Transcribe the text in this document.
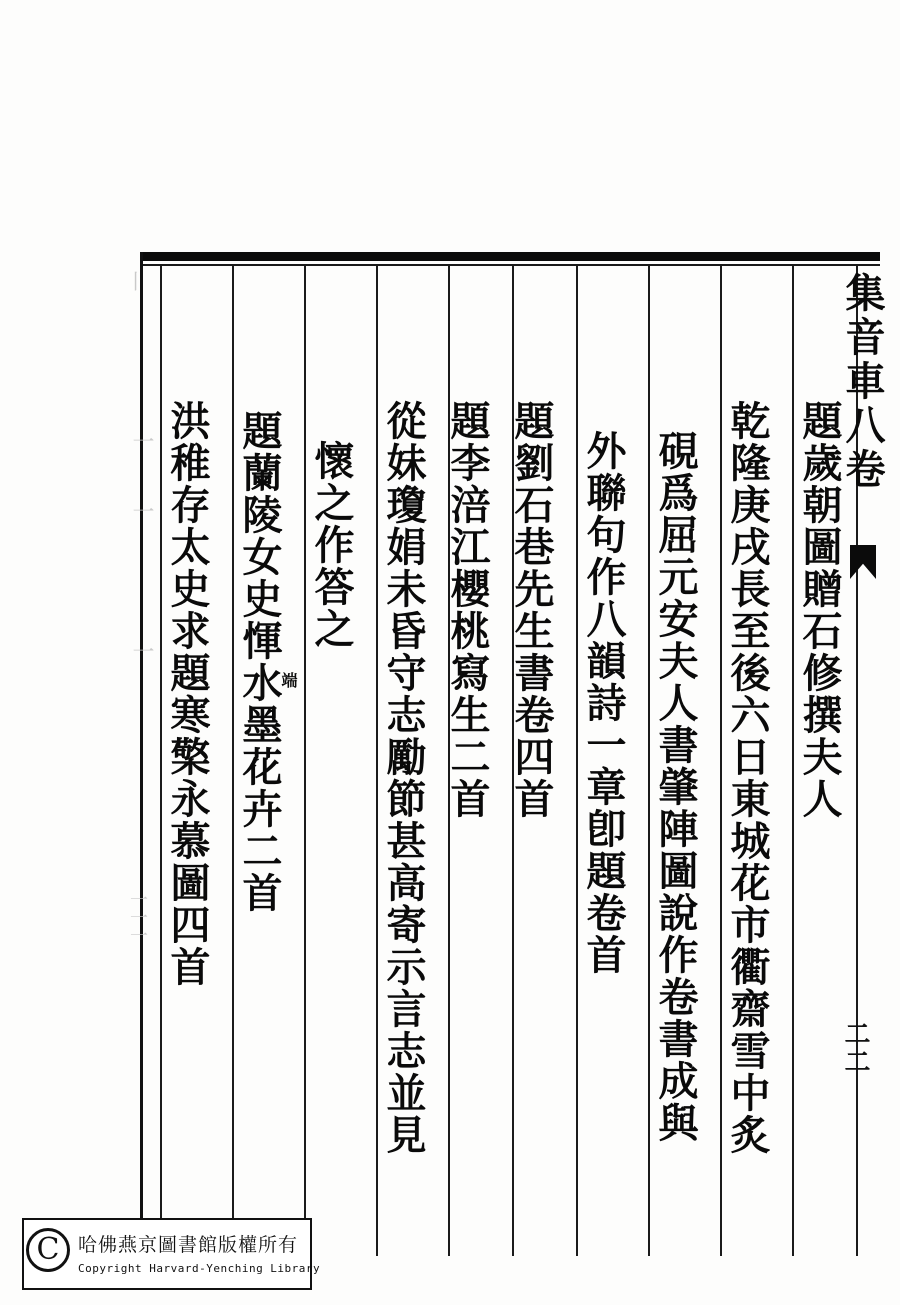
集音車八卷
二二
題歲朝圖贈石修撰夫人
乾隆庚戌長至後六日東城花市衢齋雪中炙
硯爲屈元安夫人書肇陣圖說作卷書成與
外聯句作八韻詩一章卽題卷首
題劉石巷先生書卷四首
題李涪江櫻桃寫生二首
從妹瓊娟未昏守志勵節甚高寄示言志並見
懷之作答之
題蘭陵女史惲水墨花卉二首
端
洪稚存太史求題寒檠永慕圖四首
〡
一
一
一
一一一
C 哈佛燕京圖書館版權所有
Copyright Harvard-Yenching Library
